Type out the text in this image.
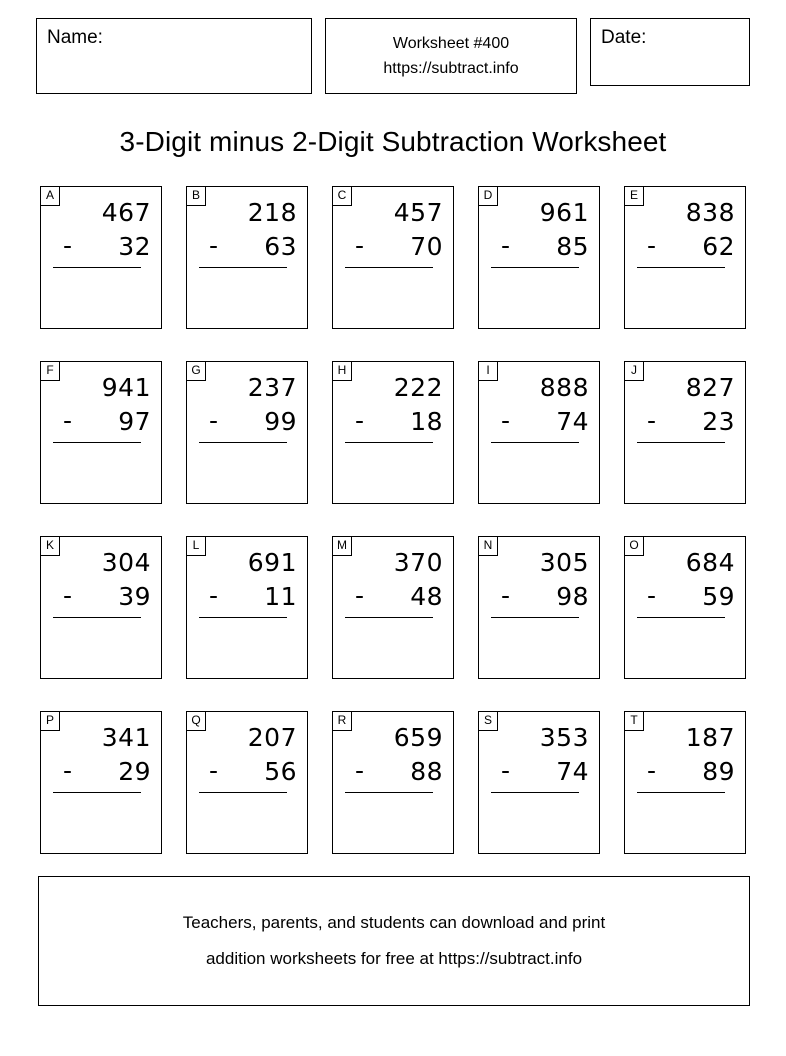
Name:	Worksheet #400
https://subtract.info
Date:
3-Digit minus 2-Digit Subtraction Worksheet
A
467
- 32
B
218
- 63
C
457
- 70
D
961
- 85
E
838
- 62
F
941
- 97
G
237
- 99
H
222
- 18
I
888
- 74
J
827
- 23
K
304
- 39
L
691
- 11
M
370
- 48
N
305
- 98
O
684
- 59
P
341
- 29
Q
207
- 56
R
659
- 88
S
353
- 74
T
187
- 89
Teachers, parents, and students can download and print
addition worksheets for free at https://subtract.info
